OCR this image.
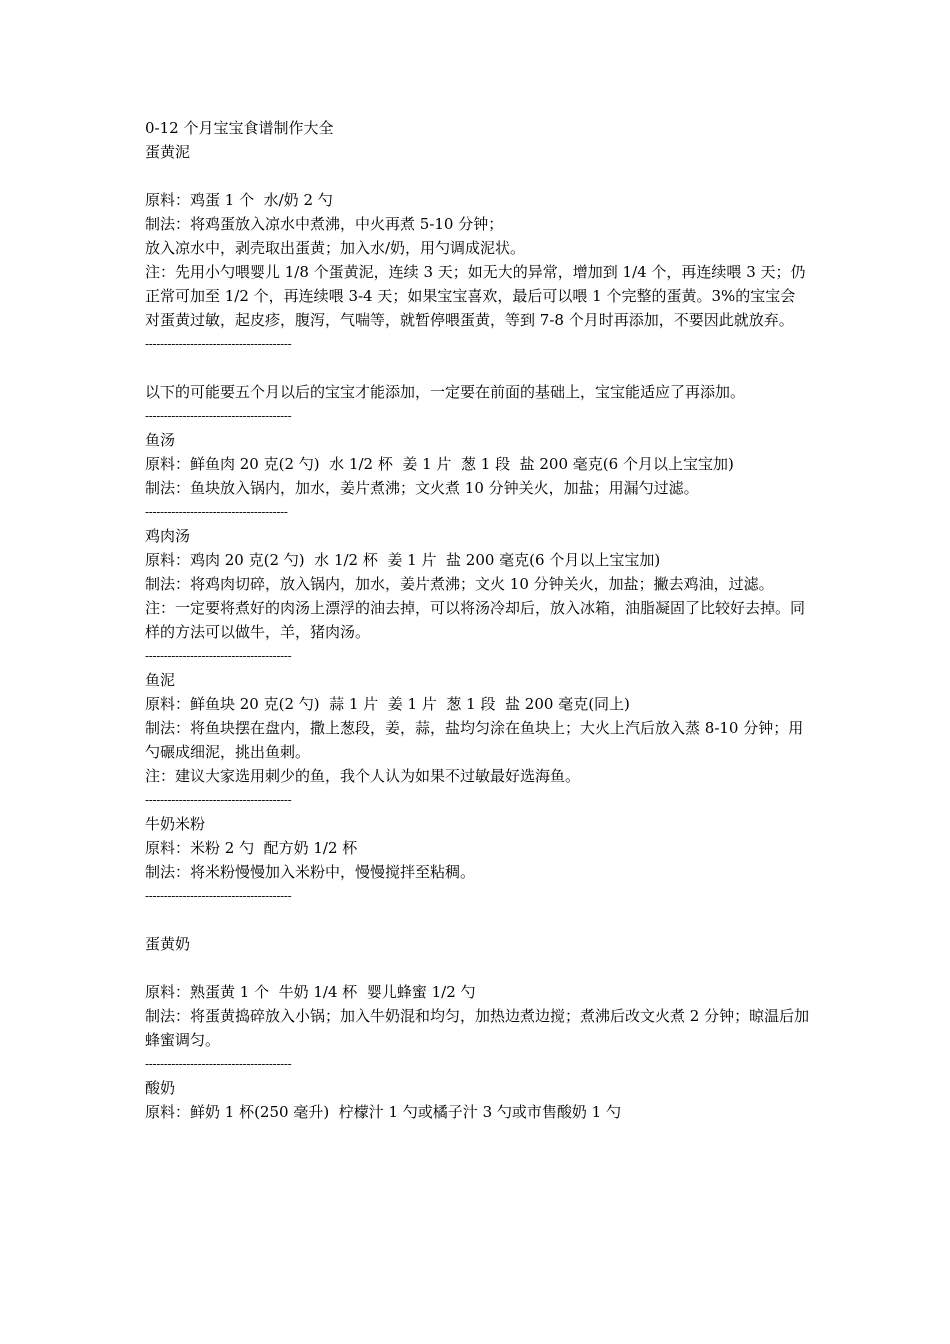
0-12 个月宝宝食谱制作大全
蛋黄泥
原料：鸡蛋 1 个  水/奶 2 勺
制法：将鸡蛋放入凉水中煮沸，中火再煮 5-10 分钟；
放入凉水中，剥壳取出蛋黄；加入水/奶，用勺调成泥状。
注：先用小勺喂婴儿 1/8 个蛋黄泥，连续 3 天；如无大的异常，增加到 1/4 个，再连续喂 3 天；仍正常可加至 1/2 个，再连续喂 3-4 天；如果宝宝喜欢，最后可以喂 1 个完整的蛋黄。3%的宝宝会对蛋黄过敏，起皮疹，腹泻，气喘等，就暂停喂蛋黄，等到 7-8 个月时再添加，不要因此就放弃。
---------------------------------------
以下的可能要五个月以后的宝宝才能添加，一定要在前面的基础上，宝宝能适应了再添加。
---------------------------------------
鱼汤
原料：鲜鱼肉 20 克(2 勺)  水 1/2 杯  姜 1 片  葱 1 段  盐 200 毫克(6 个月以上宝宝加)
制法：鱼块放入锅内，加水，姜片煮沸；文火煮 10 分钟关火，加盐；用漏勺过滤。
--------------------------------------
鸡肉汤
原料：鸡肉 20 克(2 勺)  水 1/2 杯  姜 1 片  盐 200 毫克(6 个月以上宝宝加)
制法：将鸡肉切碎，放入锅内，加水，姜片煮沸；文火 10 分钟关火，加盐；撇去鸡油，过滤。
注：一定要将煮好的肉汤上漂浮的油去掉，可以将汤冷却后，放入冰箱，油脂凝固了比较好去掉。同样的方法可以做牛，羊，猪肉汤。
---------------------------------------
鱼泥
原料：鲜鱼块 20 克(2 勺)  蒜 1 片  姜 1 片  葱 1 段  盐 200 毫克(同上)
制法：将鱼块摆在盘内，撒上葱段，姜，蒜，盐均匀涂在鱼块上；大火上汽后放入蒸 8-10 分钟；用勺碾成细泥，挑出鱼刺。
注：建议大家选用刺少的鱼，我个人认为如果不过敏最好选海鱼。
---------------------------------------
牛奶米粉
原料：米粉 2 勺  配方奶 1/2 杯
制法：将米粉慢慢加入米粉中，慢慢搅拌至粘稠。
---------------------------------------
蛋黄奶
原料：熟蛋黄 1 个  牛奶 1/4 杯  婴儿蜂蜜 1/2 勺
制法：将蛋黄捣碎放入小锅；加入牛奶混和均匀，加热边煮边搅；煮沸后改文火煮 2 分钟；晾温后加蜂蜜调匀。
---------------------------------------
酸奶
原料：鲜奶 1 杯(250 毫升)  柠檬汁 1 勺或橘子汁 3 勺或市售酸奶 1 勺
